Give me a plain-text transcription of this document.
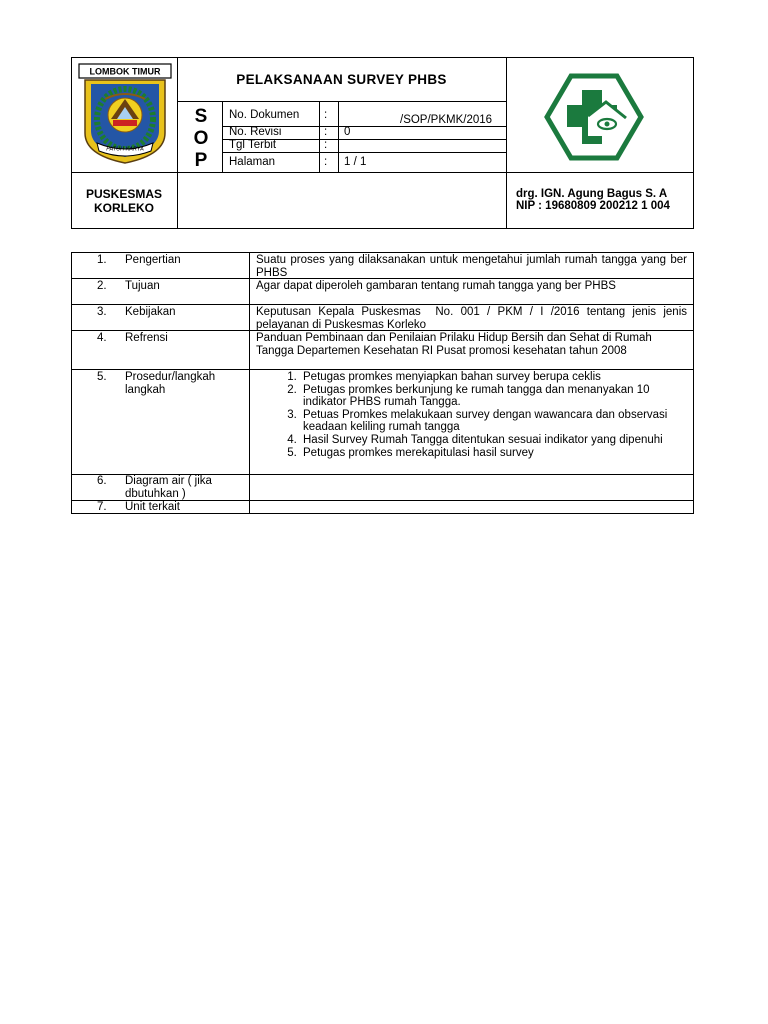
LOMBOK TIMUR
PATUH KARYA
PELAKSANAAN SURVEY PHBS
S
O
P
No. Dokumen :	/SOP/PKMK/2016
No. Revisi	: 0
Tgl Terbit	:
Halaman	: 1 / 1
PUSKESMAS
KORLEKO
drg. IGN. Agung Bagus S. A
NIP : 19680809 200212 1 004
1. Pengertian	Suatu proses yang dilaksanakan untuk mengetahui jumlah rumah tangga yang ber PHBS
2. Tujuan	Agar dapat diperoleh gambaran tentang rumah tangga yang ber PHBS
3. Kebijakan	Keputusan Kepala Puskesmas  No. 001 / PKM / I /2016 tentang jenis jenis pelayanan di Puskesmas Korleko
4. Refrensi	Panduan Pembinaan dan Penilaian Prilaku Hidup Bersih dan Sehat di Rumah Tangga Departemen Kesehatan RI Pusat promosi kesehatan tahun 2008
5. Prosedur/langkah langkah
1. Petugas promkes menyiapkan bahan survey berupa ceklis
2. Petugas promkes berkunjung ke rumah tangga dan menanyakan 10 indikator PHBS rumah Tangga.
3. Petuas Promkes melakukaan survey dengan wawancara dan observasi keadaan keliling rumah tangga
4. Hasil Survey Rumah Tangga ditentukan sesuai indikator yang dipenuhi
5. Petugas promkes merekapitulasi hasil survey
6. Diagram air ( jika dbutuhkan )
7. Unit terkait
